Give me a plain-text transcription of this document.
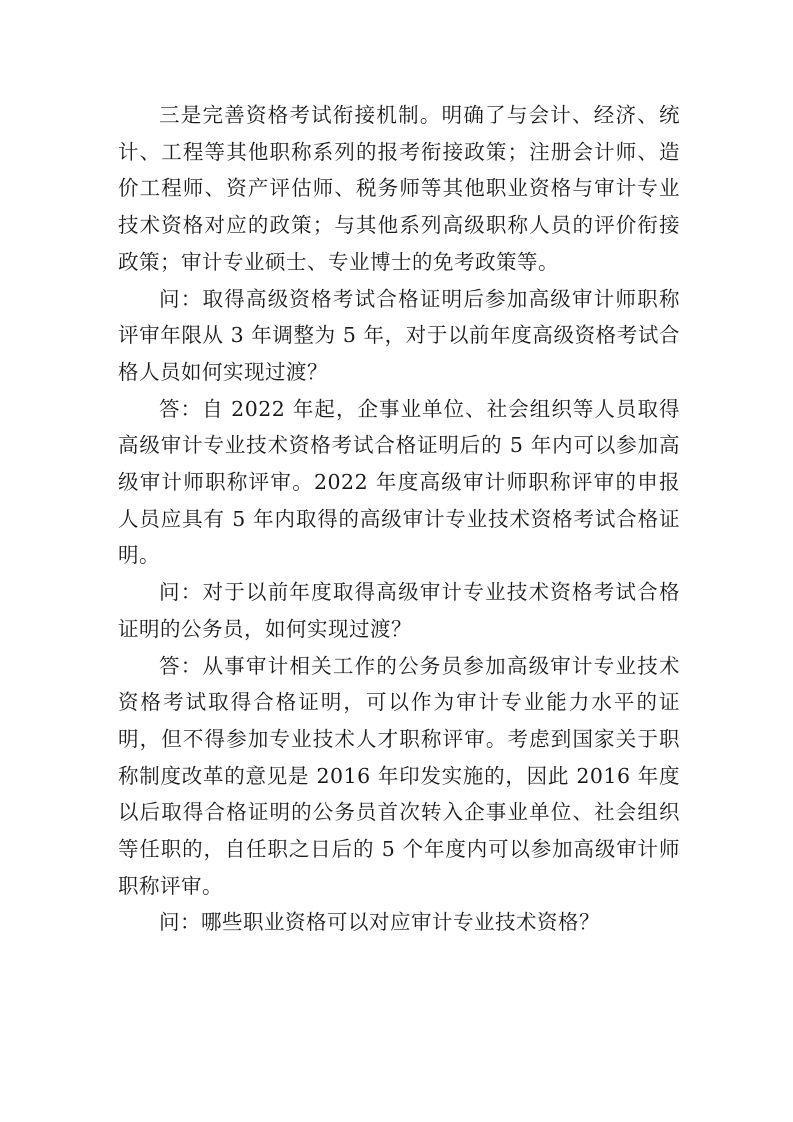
三是完善资格考试衔接机制。明确了与会计、经济、统计、工程等其他职称系列的报考衔接政策；注册会计师、造价工程师、资产评估师、税务师等其他职业资格与审计专业技术资格对应的政策；与其他系列高级职称人员的评价衔接政策；审计专业硕士、专业博士的免考政策等。

问：取得高级资格考试合格证明后参加高级审计师职称评审年限从 3 年调整为 5 年，对于以前年度高级资格考试合格人员如何实现过渡？

答：自 2022 年起，企事业单位、社会组织等人员取得高级审计专业技术资格考试合格证明后的 5 年内可以参加高级审计师职称评审。2022 年度高级审计师职称评审的申报人员应具有 5 年内取得的高级审计专业技术资格考试合格证明。

问：对于以前年度取得高级审计专业技术资格考试合格证明的公务员，如何实现过渡？

答：从事审计相关工作的公务员参加高级审计专业技术资格考试取得合格证明，可以作为审计专业能力水平的证明，但不得参加专业技术人才职称评审。考虑到国家关于职称制度改革的意见是 2016 年印发实施的，因此 2016 年度以后取得合格证明的公务员首次转入企事业单位、社会组织等任职的，自任职之日后的 5 个年度内可以参加高级审计师职称评审。

问：哪些职业资格可以对应审计专业技术资格？
